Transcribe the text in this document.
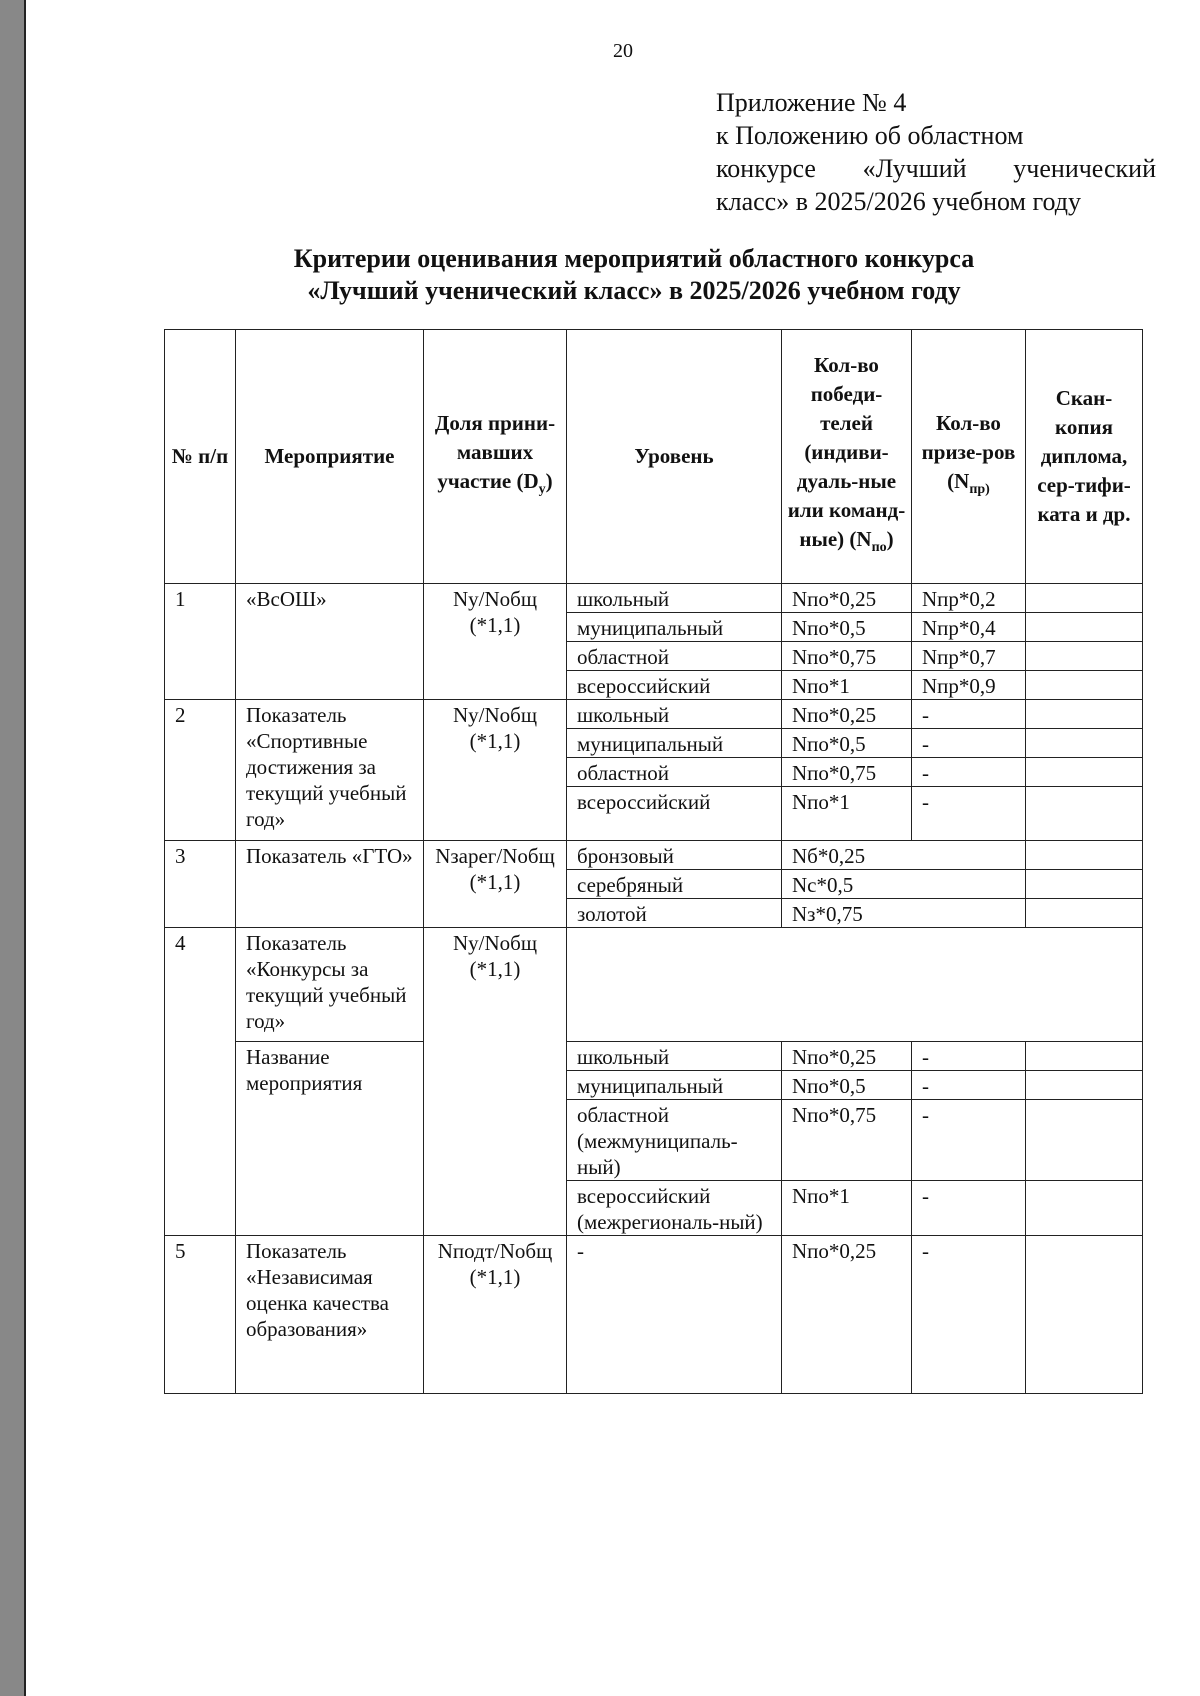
20
Приложение № 4
к Положению об областном
конкурсе «Лучший ученический
класс» в 2025/2026 учебном году
Критерии оценивания мероприятий областного конкурса
«Лучший ученический класс» в 2025/2026 учебном году
№ п/п	Мероприятие	Доля прини-мавших участие $(D_у)$	Уровень	Кол-во победи-телей (индиви-дуаль-ные или команд-ные) $(N_{по})$	Кол-во призе-ров ($N_{пр)}$	Скан-копия диплома, сер-тифи-ката и др.
1	«ВсОШ»	Nу/Nобщ (*1,1)	школьный	Nпо*0,25	Nпр*0,2	
			муниципальный	Nпо*0,5	Nпр*0,4	
			областной	Nпо*0,75	Nпр*0,7	
			всероссийский	Nпо*1	Nпр*0,9	
2	Показатель «Спортивные достижения за текущий учебный год»	Nу/Nобщ (*1,1)	школьный	Nпо*0,25	-	
			муниципальный	Nпо*0,5	-	
			областной	Nпо*0,75	-	
			всероссийский	Nпо*1	-	
3	Показатель «ГТО»	Nзарег/Nобщ (*1,1)	бронзовый	Nб*0,25		
			серебряный	Nс*0,5		
			золотой	Nз*0,75		
4	Показатель «Конкурсы за текущий учебный год»	Nу/Nобщ (*1,1)				
	Название мероприятия		школьный	Nпо*0,25	-	
			муниципальный	Nпо*0,5	-	
			областной (межмуниципаль-ный)	Nпо*0,75	-	
			всероссийский (межрегиональ-ный)	Nпо*1	-	
5	Показатель «Независимая оценка качества образования»	Nподт/Nобщ (*1,1)	-	Nпо*0,25	-	
